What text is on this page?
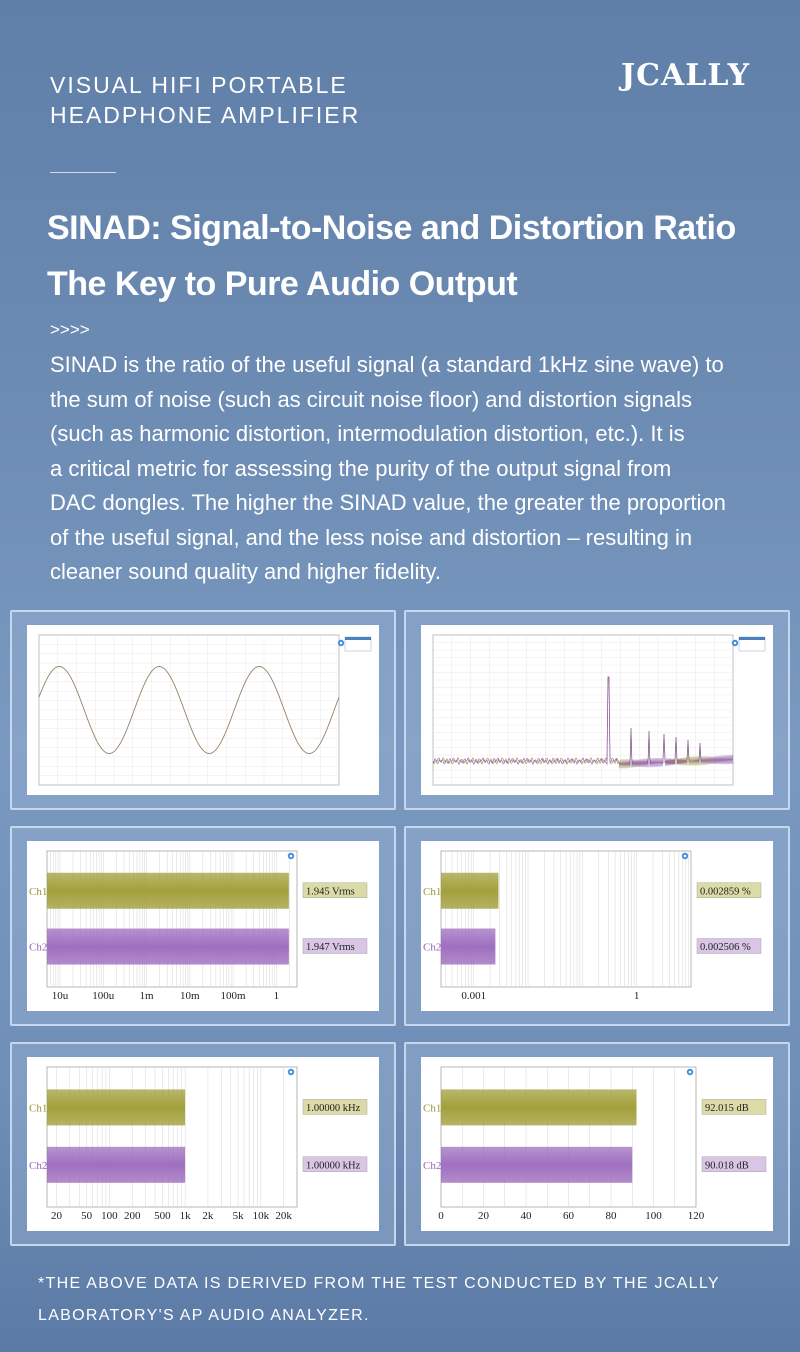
VISUAL HIFI PORTABLE
HEADPHONE AMPLIFIER
JCALLY
SINAD: Signal-to-Noise and Distortion Ratio
The Key to Pure Audio Output
>>>>
SINAD is the ratio of the useful signal (a standard 1kHz sine wave) to
the sum of noise (such as circuit noise floor) and distortion signals
(such as harmonic distortion, intermodulation distortion, etc.). It is
a critical metric for assessing the purity of the output signal from
DAC dongles. The higher the SINAD value, the greater the proportion
of the useful signal, and the less noise and distortion – resulting in
cleaner sound quality and higher fidelity.
10u 100u 1m 10m 100m	1
Ch1	1.945 Vrms
Ch2	1.947 Vrms
0.001	1
Ch1	0.002859 %
Ch2	0.002506 %
20 50 100 200 500 1k 2k 5k 10k 20k
Ch1	1.00000 kHz
Ch2	1.00000 kHz
0	20	40	60	80	100 120
Ch1	92.015 dB
Ch2	90.018 dB
*THE ABOVE DATA IS DERIVED FROM THE TEST CONDUCTED BY THE JCALLY
LABORATORY'S AP AUDIO ANALYZER.
